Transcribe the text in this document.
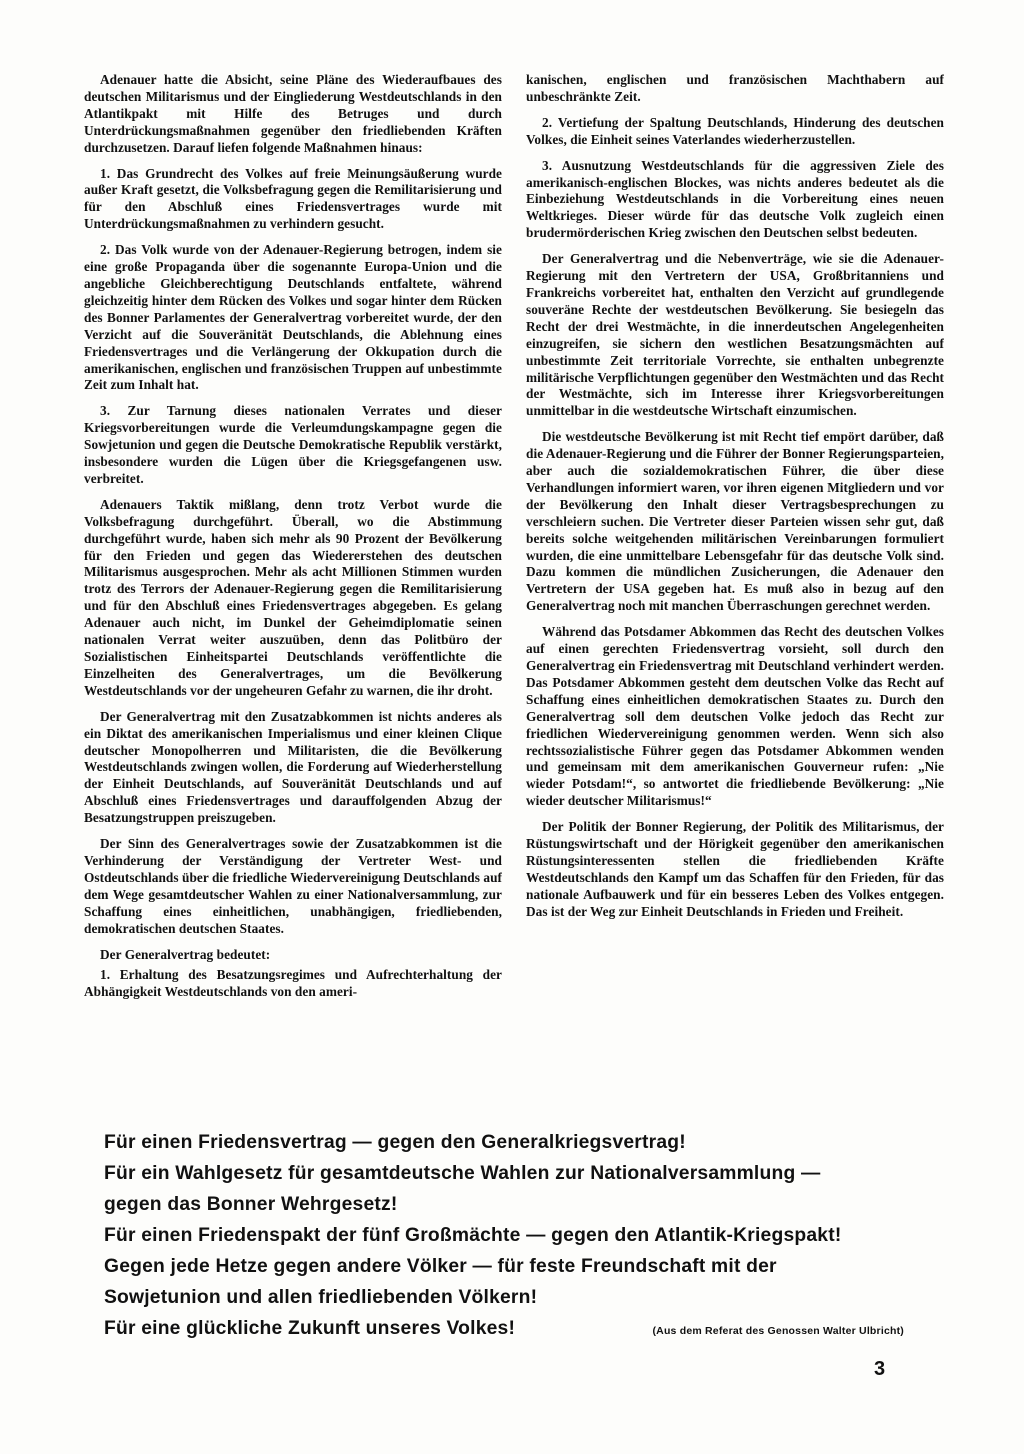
Adenauer hatte die Absicht, seine Pläne des Wiederaufbaues des deutschen Militarismus und der Eingliederung Westdeutschlands in den Atlantikpakt mit Hilfe des Betruges und durch Unterdrückungsmaßnahmen gegenüber den friedliebenden Kräften durchzusetzen. Darauf liefen folgende Maßnahmen hinaus:

1. Das Grundrecht des Volkes auf freie Meinungsäußerung wurde außer Kraft gesetzt, die Volksbefragung gegen die Remilitarisierung und für den Abschluß eines Friedensvertrages wurde mit Unterdrückungsmaßnahmen zu verhindern gesucht.

2. Das Volk wurde von der Adenauer-Regierung betrogen, indem sie eine große Propaganda über die sogenannte Europa-Union und die angebliche Gleichberechtigung Deutschlands entfaltete, während gleichzeitig hinter dem Rücken des Volkes und sogar hinter dem Rücken des Bonner Parlamentes der Generalvertrag vorbereitet wurde, der den Verzicht auf die Souveränität Deutschlands, die Ablehnung eines Friedensvertrages und die Verlängerung der Okkupation durch die amerikanischen, englischen und französischen Truppen auf unbestimmte Zeit zum Inhalt hat.

3. Zur Tarnung dieses nationalen Verrates und dieser Kriegsvorbereitungen wurde die Verleumdungskampagne gegen die Sowjetunion und gegen die Deutsche Demokratische Republik verstärkt, insbesondere wurden die Lügen über die Kriegsgefangenen usw. verbreitet.

Adenauers Taktik mißlang, denn trotz Verbot wurde die Volksbefragung durchgeführt. Überall, wo die Abstimmung durchgeführt wurde, haben sich mehr als 90 Prozent der Bevölkerung für den Frieden und gegen das Wiedererstehen des deutschen Militarismus ausgesprochen. Mehr als acht Millionen Stimmen wurden trotz des Terrors der Adenauer-Regierung gegen die Remilitarisierung und für den Abschluß eines Friedensvertrages abgegeben. Es gelang Adenauer auch nicht, im Dunkel der Geheimdiplomatie seinen nationalen Verrat weiter auszuüben, denn das Politbüro der Sozialistischen Einheitspartei Deutschlands veröffentlichte die Einzelheiten des Generalvertrages, um die Bevölkerung Westdeutschlands vor der ungeheuren Gefahr zu warnen, die ihr droht.

Der Generalvertrag mit den Zusatzabkommen ist nichts anderes als ein Diktat des amerikanischen Imperialismus und einer kleinen Clique deutscher Monopolherren und Militaristen, die die Bevölkerung Westdeutschlands zwingen wollen, die Forderung auf Wiederherstellung der Einheit Deutschlands, auf Souveränität Deutschlands und auf Abschluß eines Friedensvertrages und darauffolgenden Abzug der Besatzungstruppen preiszugeben.

Der Sinn des Generalvertrages sowie der Zusatzabkommen ist die Verhinderung der Verständigung der Vertreter West- und Ostdeutschlands über die friedliche Wiedervereinigung Deutschlands auf dem Wege gesamtdeutscher Wahlen zu einer Nationalversammlung, zur Schaffung eines einheitlichen, unabhängigen, friedliebenden, demokratischen deutschen Staates.

Der Generalvertrag bedeutet:

1. Erhaltung des Besatzungsregimes und Aufrechterhaltung der Abhängigkeit Westdeutschlands von den ameri-

kanischen, englischen und französischen Machthabern auf unbeschränkte Zeit.

2. Vertiefung der Spaltung Deutschlands, Hinderung des deutschen Volkes, die Einheit seines Vaterlandes wiederherzustellen.

3. Ausnutzung Westdeutschlands für die aggressiven Ziele des amerikanisch-englischen Blockes, was nichts anderes bedeutet als die Einbeziehung Westdeutschlands in die Vorbereitung eines neuen Weltkrieges. Dieser würde für das deutsche Volk zugleich einen brudermörderischen Krieg zwischen den Deutschen selbst bedeuten.

Der Generalvertrag und die Nebenverträge, wie sie die Adenauer-Regierung mit den Vertretern der USA, Großbritanniens und Frankreichs vorbereitet hat, enthalten den Verzicht auf grundlegende souveräne Rechte der westdeutschen Bevölkerung. Sie besiegeln das Recht der drei Westmächte, in die innerdeutschen Angelegenheiten einzugreifen, sie sichern den westlichen Besatzungsmächten auf unbestimmte Zeit territoriale Vorrechte, sie enthalten unbegrenzte militärische Verpflichtungen gegenüber den Westmächten und das Recht der Westmächte, sich im Interesse ihrer Kriegsvorbereitungen unmittelbar in die westdeutsche Wirtschaft einzumischen.

Die westdeutsche Bevölkerung ist mit Recht tief empört darüber, daß die Adenauer-Regierung und die Führer der Bonner Regierungsparteien, aber auch die sozialdemokratischen Führer, die über diese Verhandlungen informiert waren, vor ihren eigenen Mitgliedern und vor der Bevölkerung den Inhalt dieser Vertragsbesprechungen zu verschleiern suchen. Die Vertreter dieser Parteien wissen sehr gut, daß bereits solche weitgehenden militärischen Vereinbarungen formuliert wurden, die eine unmittelbare Lebensgefahr für das deutsche Volk sind. Dazu kommen die mündlichen Zusicherungen, die Adenauer den Vertretern der USA gegeben hat. Es muß also in bezug auf den Generalvertrag noch mit manchen Überraschungen gerechnet werden.

Während das Potsdamer Abkommen das Recht des deutschen Volkes auf einen gerechten Friedensvertrag vorsieht, soll durch den Generalvertrag ein Friedensvertrag mit Deutschland verhindert werden. Das Potsdamer Abkommen gesteht dem deutschen Volke das Recht auf Schaffung eines einheitlichen demokratischen Staates zu. Durch den Generalvertrag soll dem deutschen Volke jedoch das Recht zur friedlichen Wiedervereinigung genommen werden. Wenn sich also rechtssozialistische Führer gegen das Potsdamer Abkommen wenden und gemeinsam mit dem amerikanischen Gouverneur rufen: „Nie wieder Potsdam!“, so antwortet die friedliebende Bevölkerung: „Nie wieder deutscher Militarismus!“

Der Politik der Bonner Regierung, der Politik des Militarismus, der Rüstungswirtschaft und der Hörigkeit gegenüber den amerikanischen Rüstungsinteressenten stellen die friedliebenden Kräfte Westdeutschlands den Kampf um das Schaffen für den Frieden, für das nationale Aufbauwerk und für ein besseres Leben des Volkes entgegen. Das ist der Weg zur Einheit Deutschlands in Frieden und Freiheit.

Für einen Friedensvertrag — gegen den Generalkriegsvertrag!
Für ein Wahlgesetz für gesamtdeutsche Wahlen zur Nationalversammlung —
gegen das Bonner Wehrgesetz!
Für einen Friedenspakt der fünf Großmächte — gegen den Atlantik-Kriegspakt!
Gegen jede Hetze gegen andere Völker — für feste Freundschaft mit der
Sowjetunion und allen friedliebenden Völkern!
Für eine glückliche Zukunft unseres Volkes!	(Aus dem Referat des Genossen Walter Ulbricht)
3
